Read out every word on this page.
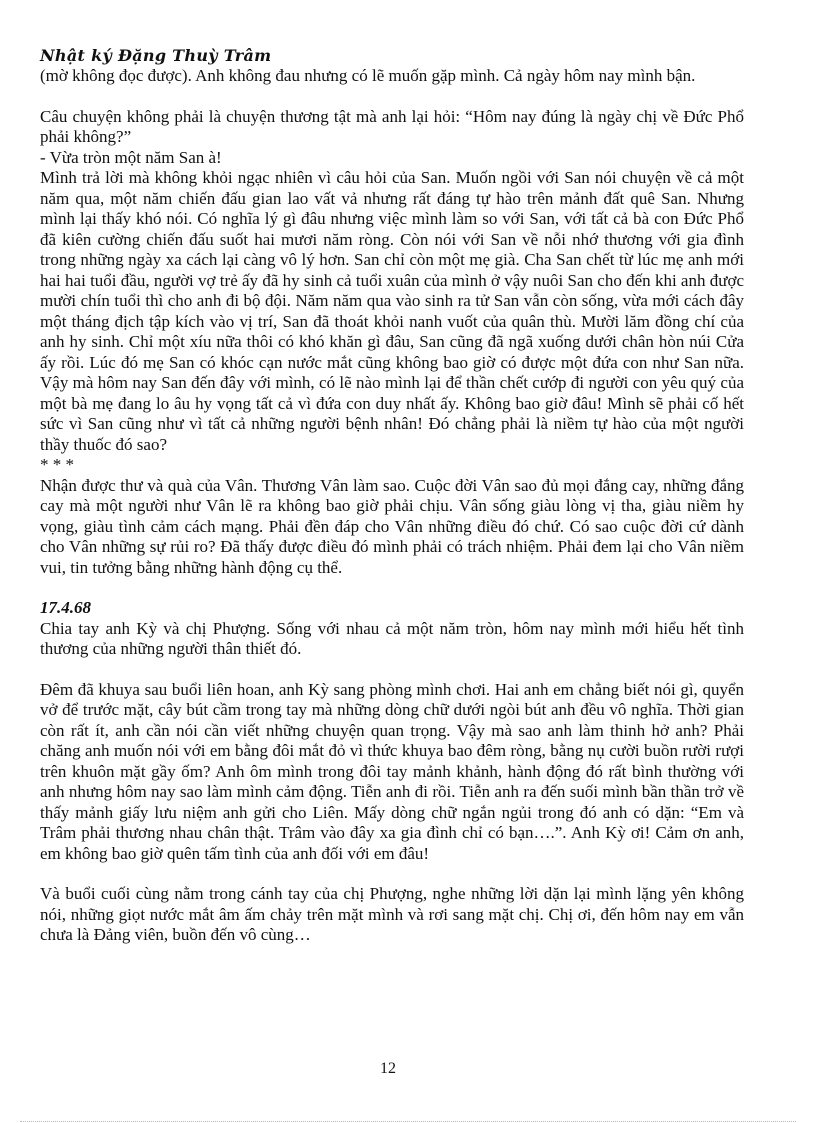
Nhật ký Đặng Thuỳ Trâm

(mờ không đọc được). Anh không đau nhưng có lẽ muốn gặp mình. Cả ngày hôm nay mình bận.

Câu chuyện không phải là chuyện thương tật mà anh lại hỏi: “Hôm nay đúng là ngày chị về Đức Phổ phải không?”

- Vừa tròn một năm San à!

Mình trả lời mà không khỏi ngạc nhiên vì câu hỏi của San. Muốn ngồi với San nói chuyện về cả một năm qua, một năm chiến đấu gian lao vất vả nhưng rất đáng tự hào trên mảnh đất quê San. Nhưng mình lại thấy khó nói. Có nghĩa lý gì đâu nhưng việc mình làm so với San, với tất cả bà con Đức Phổ đã kiên cường chiến đấu suốt hai mươi năm ròng. Còn nói với San về nỗi nhớ thương với gia đình trong những ngày xa cách lại càng vô lý hơn. San chỉ còn một mẹ già. Cha San chết từ lúc mẹ anh mới hai hai tuổi đầu, người vợ trẻ ấy đã hy sinh cả tuổi xuân của mình ở vậy nuôi San cho đến khi anh được mười chín tuổi thì cho anh đi bộ đội. Năm năm qua vào sinh ra tử San vẫn còn sống, vừa mới cách đây một tháng địch tập kích vào vị trí, San đã thoát khỏi nanh vuốt của quân thù. Mười lăm đồng chí của anh hy sinh. Chỉ một xíu nữa thôi có khó khăn gì đâu, San cũng đã ngã xuống dưới chân hòn núi Cửa ấy rồi. Lúc đó mẹ San có khóc cạn nước mắt cũng không bao giờ có được một đứa con như San nữa. Vậy mà hôm nay San đến đây với mình, có lẽ nào mình lại để thần chết cướp đi người con yêu quý của một bà mẹ đang lo âu hy vọng tất cả vì đứa con duy nhất ấy. Không bao giờ đâu! Mình sẽ phải cố hết sức vì San cũng như vì tất cả những người bệnh nhân! Đó chẳng phải là niềm tự hào của một người thầy thuốc đó sao?

* * *

Nhận được thư và quà của Vân. Thương Vân làm sao. Cuộc đời Vân sao đủ mọi đắng cay, những đắng cay mà một người như Vân lẽ ra không bao giờ phải chịu. Vân sống giàu lòng vị tha, giàu niềm hy vọng, giàu tình cảm cách mạng. Phải đền đáp cho Vân những điều đó chứ. Có sao cuộc đời cứ dành cho Vân những sự rủi ro? Đã thấy được điều đó mình phải có trách nhiệm. Phải đem lại cho Vân niềm vui, tin tưởng bằng những hành động cụ thể.

17.4.68

Chia tay anh Kỳ và chị Phượng. Sống với nhau cả một năm tròn, hôm nay mình mới hiểu hết tình thương của những người thân thiết đó.

Đêm đã khuya sau buổi liên hoan, anh Kỳ sang phòng mình chơi. Hai anh em chẳng biết nói gì, quyển vở để trước mặt, cây bút cầm trong tay mà những dòng chữ dưới ngòi bút anh đều vô nghĩa. Thời gian còn rất ít, anh cần nói cần viết những chuyện quan trọng. Vậy mà sao anh làm thinh hở anh? Phải chăng anh muốn nói với em bằng đôi mắt đỏ vì thức khuya bao đêm ròng, bằng nụ cười buồn rười rượi trên khuôn mặt gầy ốm? Anh ôm mình trong đôi tay mảnh khảnh, hành động đó rất bình thường với anh nhưng hôm nay sao làm mình cảm động. Tiễn anh đi rồi. Tiễn anh ra đến suối mình bần thần trở về thấy mảnh giấy lưu niệm anh gửi cho Liên. Mấy dòng chữ ngắn ngủi trong đó anh có dặn: “Em và Trâm phải thương nhau chân thật. Trâm vào đây xa gia đình chỉ có bạn….”. Anh Kỳ ơi! Cảm ơn anh, em không bao giờ quên tấm tình của anh đối với em đâu!

Và buổi cuối cùng nằm trong cánh tay của chị Phượng, nghe những lời dặn lại mình lặng yên không nói, những giọt nước mắt âm ấm chảy trên mặt mình và rơi sang mặt chị. Chị ơi, đến hôm nay em vẫn chưa là Đảng viên, buồn đến vô cùng…

12
